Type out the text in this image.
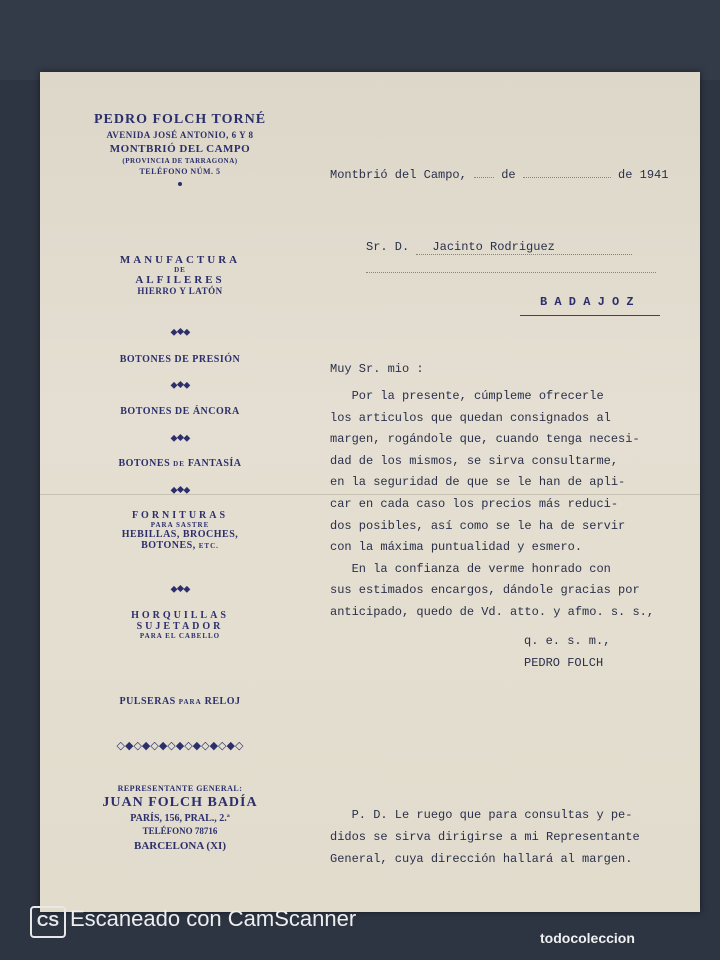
PEDRO FOLCH TORNÉ
AVENIDA JOSÉ ANTONIO, 6 Y 8
MONTBRIÓ DEL CAMPO
(PROVINCIA DE TARRAGONA)
TELÉFONO NÚM. 5
MANUFACTURA
DE
ALFILERES
HIERRO Y LATÓN
⬥◆⬥
BOTONES DE PRESIÓN
⬥◆⬥
BOTONES DE ÁNCORA
⬥◆⬥
BOTONES DE FANTASÍA
⬥◆⬥
FORNITURAS
PARA SASTRE
HEBILLAS, BROCHES,
BOTONES, ETC.
⬥◆⬥
HORQUILLAS
SUJETADOR
PARA EL CABELLO
PULSERAS PARA RELOJ
◇◆◇◆◇◆◇◆◇◆◇◆◇◆◇
REPRESENTANTE GENERAL:
JUAN FOLCH BADÍA
PARÍS, 156, PRAL., 2.ª
TELÉFONO 78716
BARCELONA (XI)
Montbrió del Campo,	de	de 1941
Sr. D. Jacinto Rodriguez
B A D A J O Z
Muy Sr. mio :
Por la presente, cúmpleme ofrecerle
los articulos que quedan consignados al
margen, rogándole que, cuando tenga necesi-
dad de los mismos, se sirva consultarme,
en la seguridad de que se le han de apli-
car en cada caso los precios más reduci-
dos posibles, así como se le ha de servir
con la máxima puntualidad y esmero.
En la confianza de verme honrado con
sus estimados encargos, dándole gracias por
anticipado, quedo de Vd. atto. y afmo. s. s.,
q. e. s. m.,
PEDRO FOLCH
P. D. Le ruego que para consultas y pe-
didos se sirva dirigirse a mi Representante
General, cuya dirección hallará al margen.
CS Escaneado con CamScanner
todocoleccion
